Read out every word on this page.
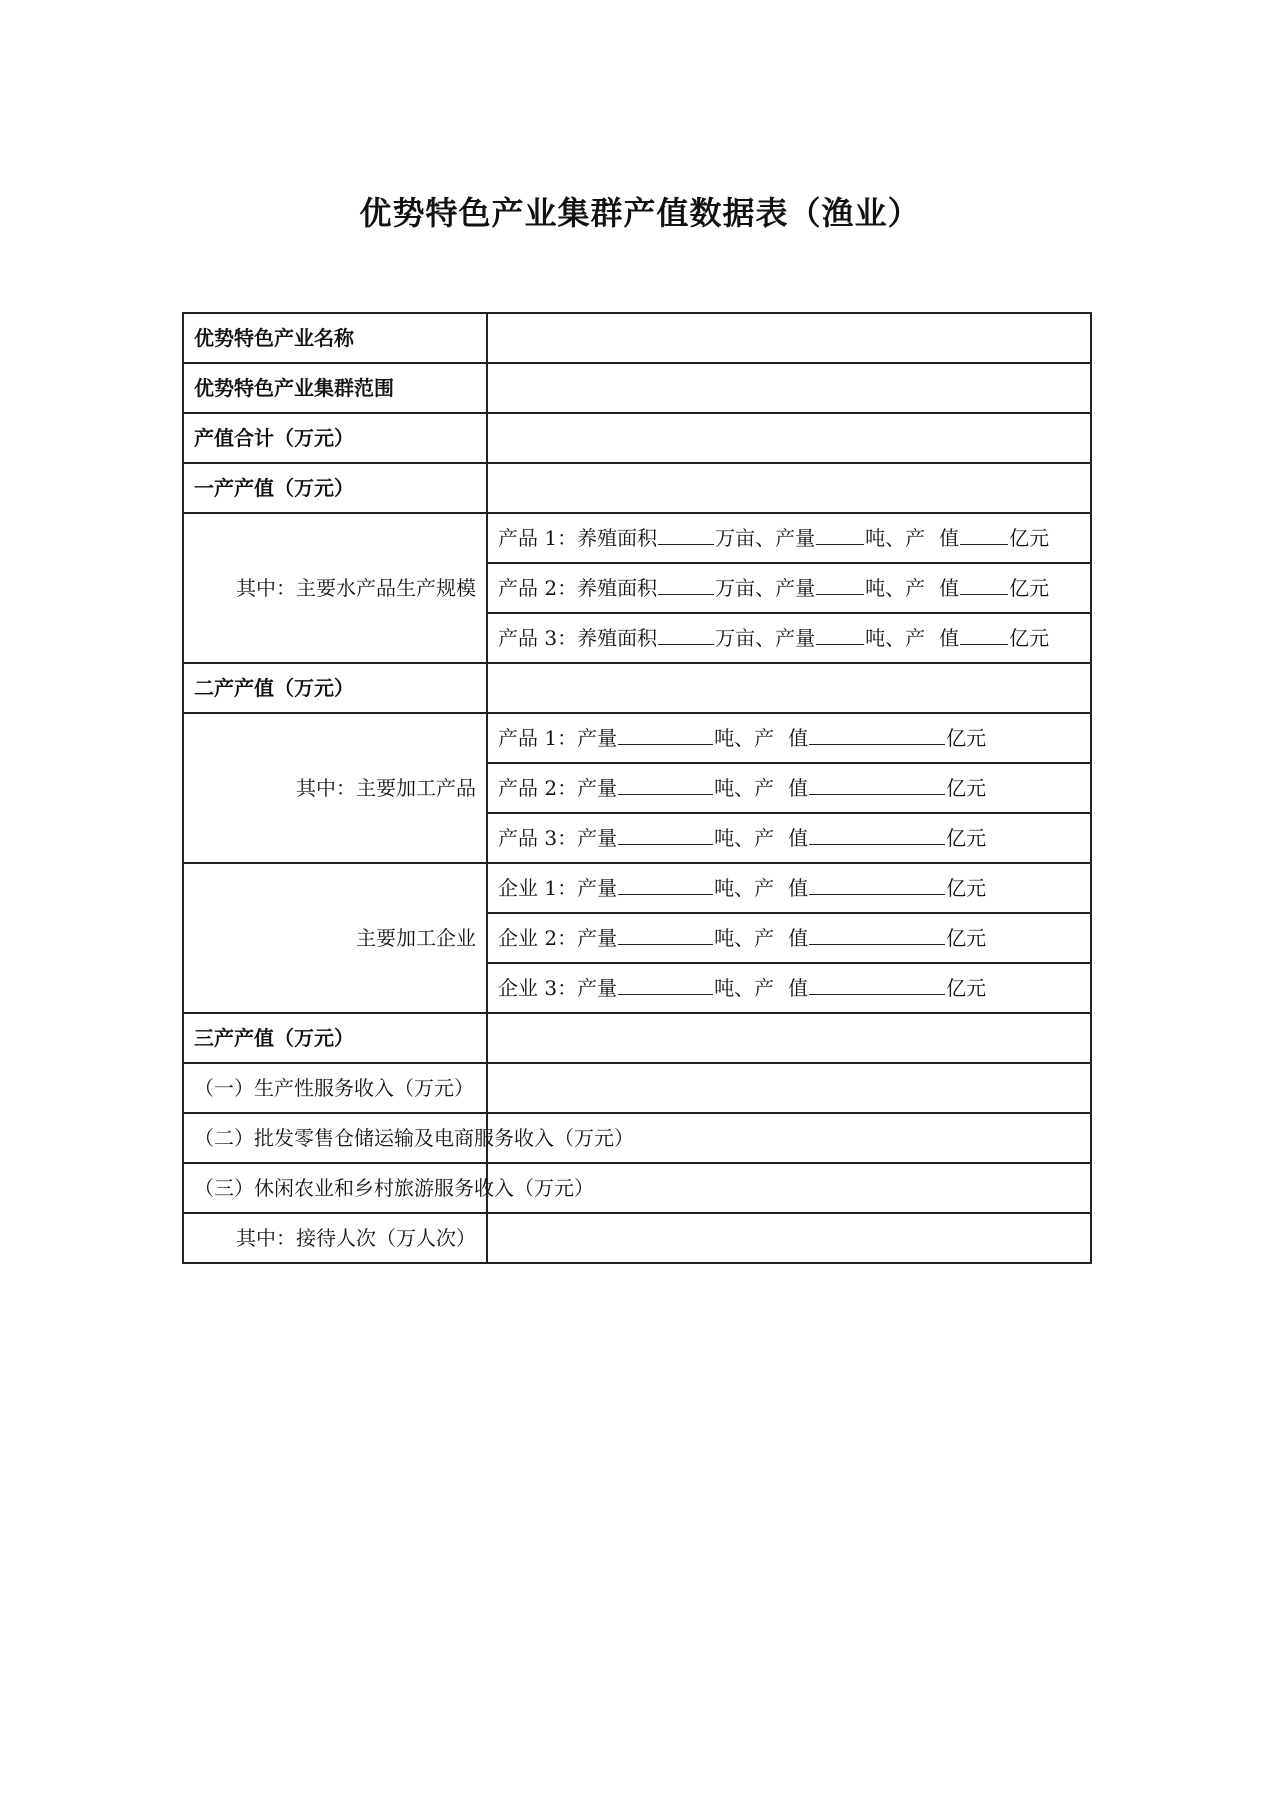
优势特色产业集群产值数据表（渔业）
优势特色产业名称	
优势特色产业集群范围	
产值合计（万元）	
一产产值（万元）	
其中：主要水产品生产规模	产品 1：养殖面积 万亩、产量 吨、产 值 亿元
	产品 2：养殖面积 万亩、产量 吨、产 值 亿元
	产品 3：养殖面积 万亩、产量 吨、产 值 亿元
二产产值（万元）	
其中：主要加工产品	产品 1：产量 吨、产 值 亿元
	产品 2：产量 吨、产 值 亿元
	产品 3：产量 吨、产 值 亿元
主要加工企业	企业 1：产量 吨、产 值 亿元
	企业 2：产量 吨、产 值 亿元
	企业 3：产量 吨、产 值 亿元
三产产值（万元）	
（一）生产性服务收入（万元）	
（二）批发零售仓储运输及电商服务收入（万元）	
（三）休闲农业和乡村旅游服务收入（万元）	
其中：接待人次（万人次）	
